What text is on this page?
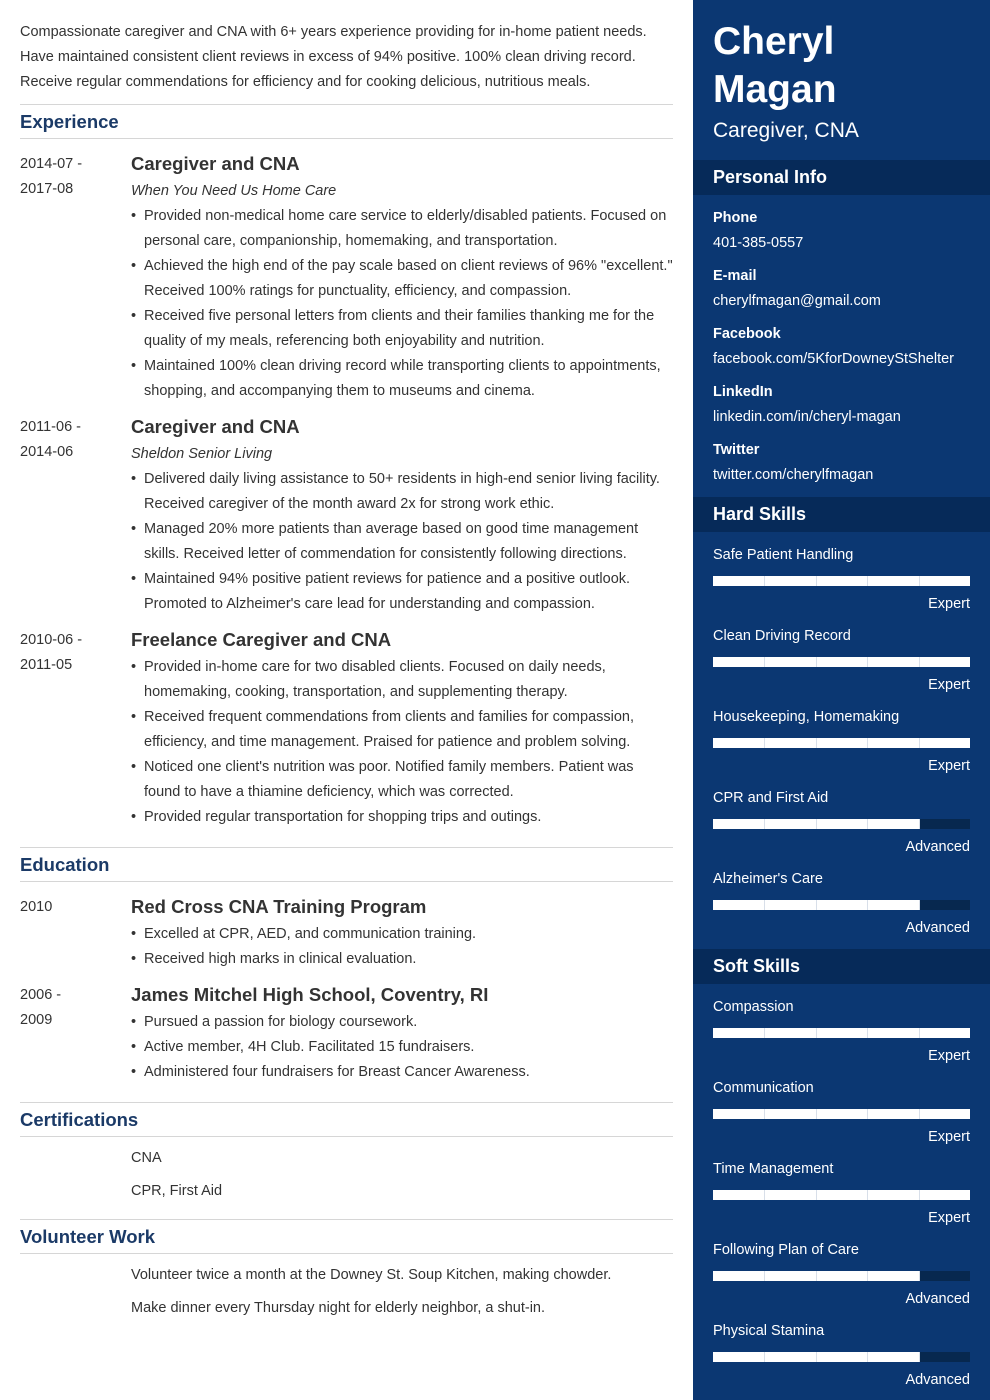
Compassionate caregiver and CNA with 6+ years experience providing for in-home patient needs. Have maintained consistent client reviews in excess of 94% positive. 100% clean driving record. Receive regular commendations for efficiency and for cooking delicious, nutritious meals.

Experience
2014-07 -
2017-08
Caregiver and CNA
When You Need Us Home Care
• Provided non-medical home care service to elderly/disabled patients. Focused on personal care, companionship, homemaking, and transportation.
• Achieved the high end of the pay scale based on client reviews of 96% "excellent." Received 100% ratings for punctuality, efficiency, and compassion.
• Received five personal letters from clients and their families thanking me for the quality of my meals, referencing both enjoyability and nutrition.
• Maintained 100% clean driving record while transporting clients to appointments, shopping, and accompanying them to museums and cinema.
2011-06 -
2014-06
Caregiver and CNA
Sheldon Senior Living
• Delivered daily living assistance to 50+ residents in high-end senior living facility. Received caregiver of the month award 2x for strong work ethic.
• Managed 20% more patients than average based on good time management skills. Received letter of commendation for consistently following directions.
• Maintained 94% positive patient reviews for patience and a positive outlook. Promoted to Alzheimer's care lead for understanding and compassion.
2010-06 -
2011-05
Freelance Caregiver and CNA
• Provided in-home care for two disabled clients. Focused on daily needs, homemaking, cooking, transportation, and supplementing therapy.
• Received frequent commendations from clients and families for compassion, efficiency, and time management. Praised for patience and problem solving.
• Noticed one client's nutrition was poor. Notified family members. Patient was found to have a thiamine deficiency, which was corrected.
• Provided regular transportation for shopping trips and outings.
Education
2010	Red Cross CNA Training Program
• Excelled at CPR, AED, and communication training.
• Received high marks in clinical evaluation.
2006 -
2009
James Mitchel High School, Coventry, RI
• Pursued a passion for biology coursework.
• Active member, 4H Club. Facilitated 15 fundraisers.
• Administered four fundraisers for Breast Cancer Awareness.
Certifications
CNA
CPR, First Aid
Volunteer Work
Volunteer twice a month at the Downey St. Soup Kitchen, making chowder.
Make dinner every Thursday night for elderly neighbor, a shut-in.
Cheryl
Magan
Caregiver, CNA
Personal Info
Phone
401-385-0557
E-mail
cherylfmagan@gmail.com
Facebook
facebook.com/5KforDowneyStShelter
LinkedIn
linkedin.com/in/cheryl-magan
Twitter
twitter.com/cherylfmagan
Hard Skills
Safe Patient Handling
Expert
Clean Driving Record
Expert
Housekeeping, Homemaking
Expert
CPR and First Aid
Advanced
Alzheimer's Care
Advanced
Soft Skills
Compassion
Expert
Communication
Expert
Time Management
Expert
Following Plan of Care
Advanced
Physical Stamina
Advanced
